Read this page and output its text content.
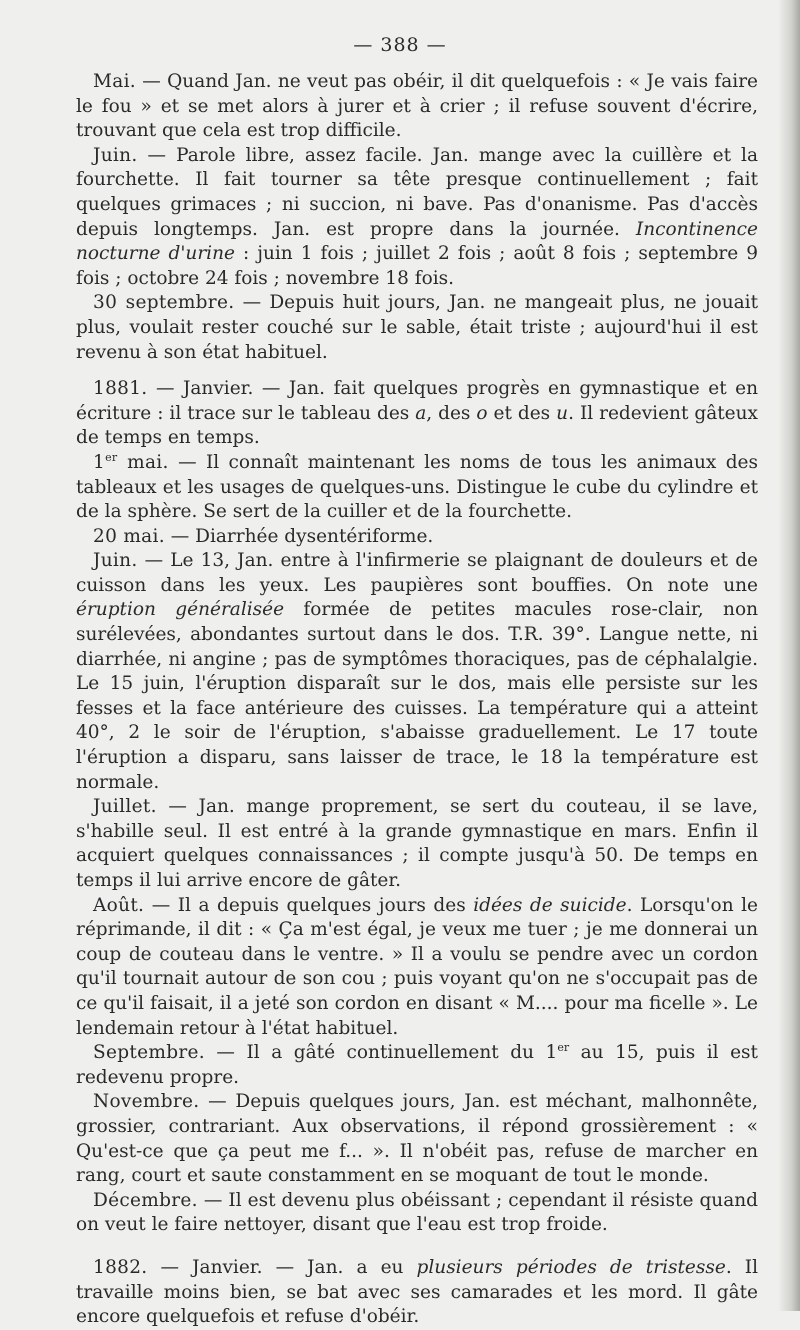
— 388 —

Mai. — Quand Jan. ne veut pas obéir, il dit quelquefois : « Je vais faire le fou » et se met alors à jurer et à crier ; il refuse souvent d'écrire, trouvant que cela est trop difficile.

Juin. — Parole libre, assez facile. Jan. mange avec la cuillère et la fourchette. Il fait tourner sa tête presque continuellement ; fait quelques grimaces ; ni succion, ni bave. Pas d'onanisme. Pas d'accès depuis longtemps. Jan. est propre dans la journée. Incontinence nocturne d'urine : juin 1 fois ; juillet 2 fois ; août 8 fois ; septembre 9 fois ; octobre 24 fois ; novembre 18 fois.

30 septembre. — Depuis huit jours, Jan. ne mangeait plus, ne jouait plus, voulait rester couché sur le sable, était triste ; aujourd'hui il est revenu à son état habituel.

1881. — Janvier. — Jan. fait quelques progrès en gymnastique et en écriture : il trace sur le tableau des a, des o et des u. Il redevient gâteux de temps en temps.

1er mai. — Il connaît maintenant les noms de tous les animaux des tableaux et les usages de quelques-uns. Distingue le cube du cylindre et de la sphère. Se sert de la cuiller et de la fourchette.

20 mai. — Diarrhée dysentériforme.

Juin. — Le 13, Jan. entre à l'infirmerie se plaignant de douleurs et de cuisson dans les yeux. Les paupières sont bouffies. On note une éruption généralisée formée de petites macules rose-clair, non surélevées, abondantes surtout dans le dos. T.R. 39°. Langue nette, ni diarrhée, ni angine ; pas de symptômes thoraciques, pas de céphalalgie. Le 15 juin, l'éruption disparaît sur le dos, mais elle persiste sur les fesses et la face antérieure des cuisses. La température qui a atteint 40°, 2 le soir de l'éruption, s'abaisse graduellement. Le 17 toute l'éruption a disparu, sans laisser de trace, le 18 la température est normale.

Juillet. — Jan. mange proprement, se sert du couteau, il se lave, s'habille seul. Il est entré à la grande gymnastique en mars. Enfin il acquiert quelques connaissances ; il compte jusqu'à 50. De temps en temps il lui arrive encore de gâter.

Août. — Il a depuis quelques jours des idées de suicide. Lorsqu'on le réprimande, il dit : « Ça m'est égal, je veux me tuer ; je me donnerai un coup de couteau dans le ventre. » Il a voulu se pendre avec un cordon qu'il tournait autour de son cou ; puis voyant qu'on ne s'occupait pas de ce qu'il faisait, il a jeté son cordon en disant « M.... pour ma ficelle ». Le lendemain retour à l'état habituel.

Septembre. — Il a gâté continuellement du 1er au 15, puis il est redevenu propre.

Novembre. — Depuis quelques jours, Jan. est méchant, malhonnête, grossier, contrariant. Aux observations, il répond grossièrement : « Qu'est-ce que ça peut me f... ». Il n'obéit pas, refuse de marcher en rang, court et saute constamment en se moquant de tout le monde.

Décembre. — Il est devenu plus obéissant ; cependant il résiste quand on veut le faire nettoyer, disant que l'eau est trop froide.

1882. — Janvier. — Jan. a eu plusieurs périodes de tristesse. Il travaille moins bien, se bat avec ses camarades et les mord. Il gâte encore quelquefois et refuse d'obéir.
